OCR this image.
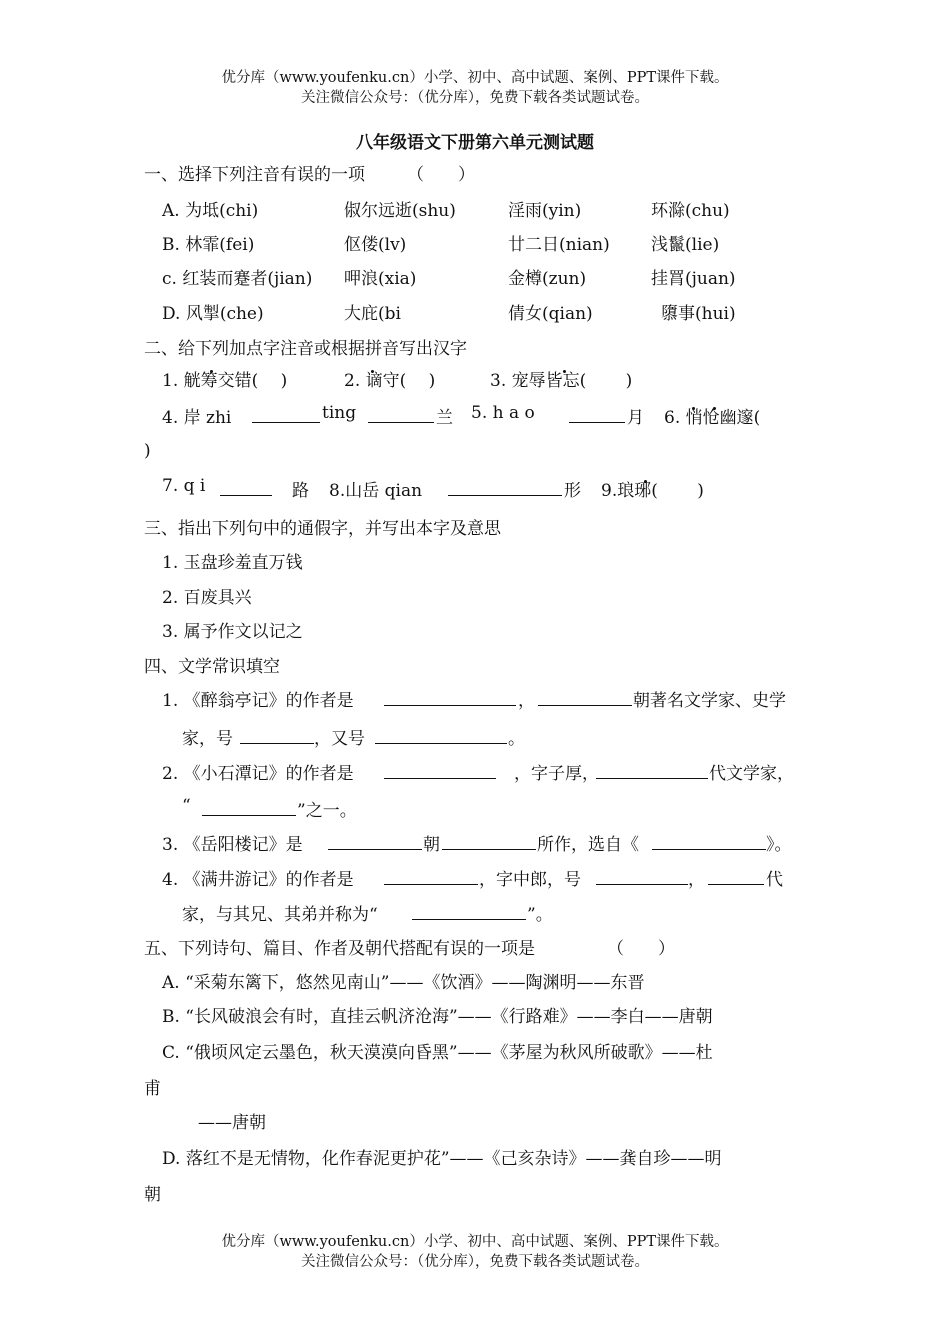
优分库（www.youfenku.cn）小学、初中、高中试题、案例、PPT课件下载。
关注微信公众号：（优分库），免费下载各类试题试卷。
八年级语文下册第六单元测试题
一、选择下列注音有误的一项 （　　）
A. 为坻(chi)	俶尔远逝(shu)	淫雨(yin)	环滁(chu)
B. 林霏(fei)	伛偻(lv)	廿二日(nian) 浅鬣(lie)
c. 红装而蹇者(jian) 呷浪(xia)	金樽(zun)	挂罥(juan)
D. 风掣(che)	大庇(bi	倩女(qian)	隳事(hui)
二、给下列加点字注音或根据拼音写出汉字
1. 觥筹交错(　 )	2. 谪守(　 )	3. 宠辱皆忘(　　 )
4. 岸 zhi	ting	兰 5. h a o	月 6. 悄怆幽邃(
)
7. q i	路 8.山岳 qian	形 9.琅琊(　　 )
三、指出下列句中的通假字，并写出本字及意思
1. 玉盘珍羞直万钱
2. 百废具兴
3. 属予作文以记之
四、文学常识填空
1. 《醉翁亭记》的作者是	，	朝著名文学家、史学
家，号	，又号	。
2. 《小石潭记》的作者是	，字子厚，	代文学家，
“	”之一。
3. 《岳阳楼记》是	朝	所作，选自《	》。
4. 《满井游记》的作者是	，字中郎，号	，	代
家，与其兄、其弟并称为“	”。
五、下列诗句、篇目、作者及朝代搭配有误的一项是	（　　）
A. “采菊东篱下，悠然见南山”——《饮酒》——陶渊明——东晋
B. “长风破浪会有时，直挂云帆济沧海”——《行路难》——李白——唐朝
C. “俄顷风定云墨色，秋天漠漠向昏黑”——《茅屋为秋风所破歌》——杜
甫
——唐朝
D. 落红不是无情物，化作春泥更护花”——《己亥杂诗》——龚自珍——明
朝
优分库（www.youfenku.cn）小学、初中、高中试题、案例、PPT课件下载。
关注微信公众号：（优分库），免费下载各类试题试卷。
